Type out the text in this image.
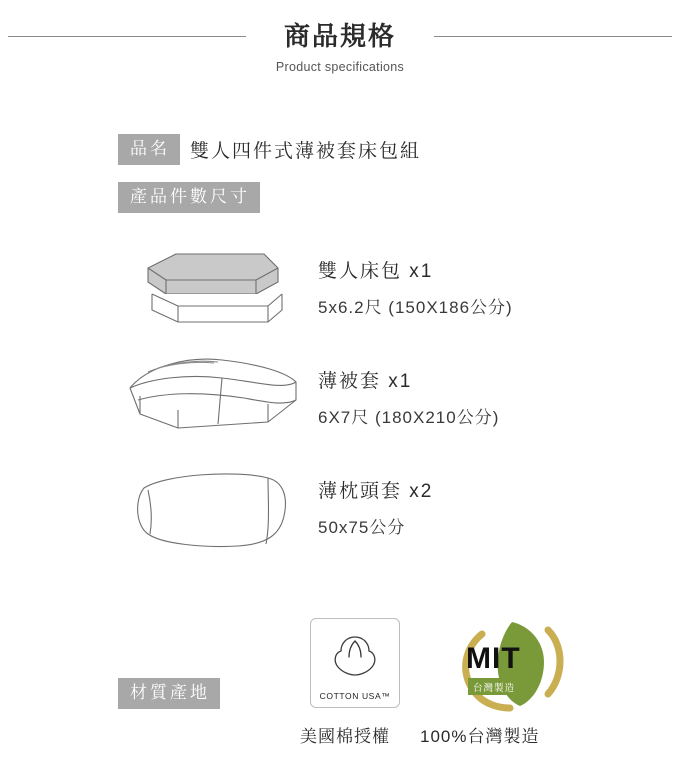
商品規格
Product specifications
品名	雙人四件式薄被套床包組
產品件數尺寸
雙人床包 x1
5x6.2尺 (150X186公分)
薄被套 x1
6X7尺 (180X210公分)
薄枕頭套 x2
50x75公分
材質產地	COTTON USA™
MIT
台灣製造
美國棉授權 100%台灣製造
